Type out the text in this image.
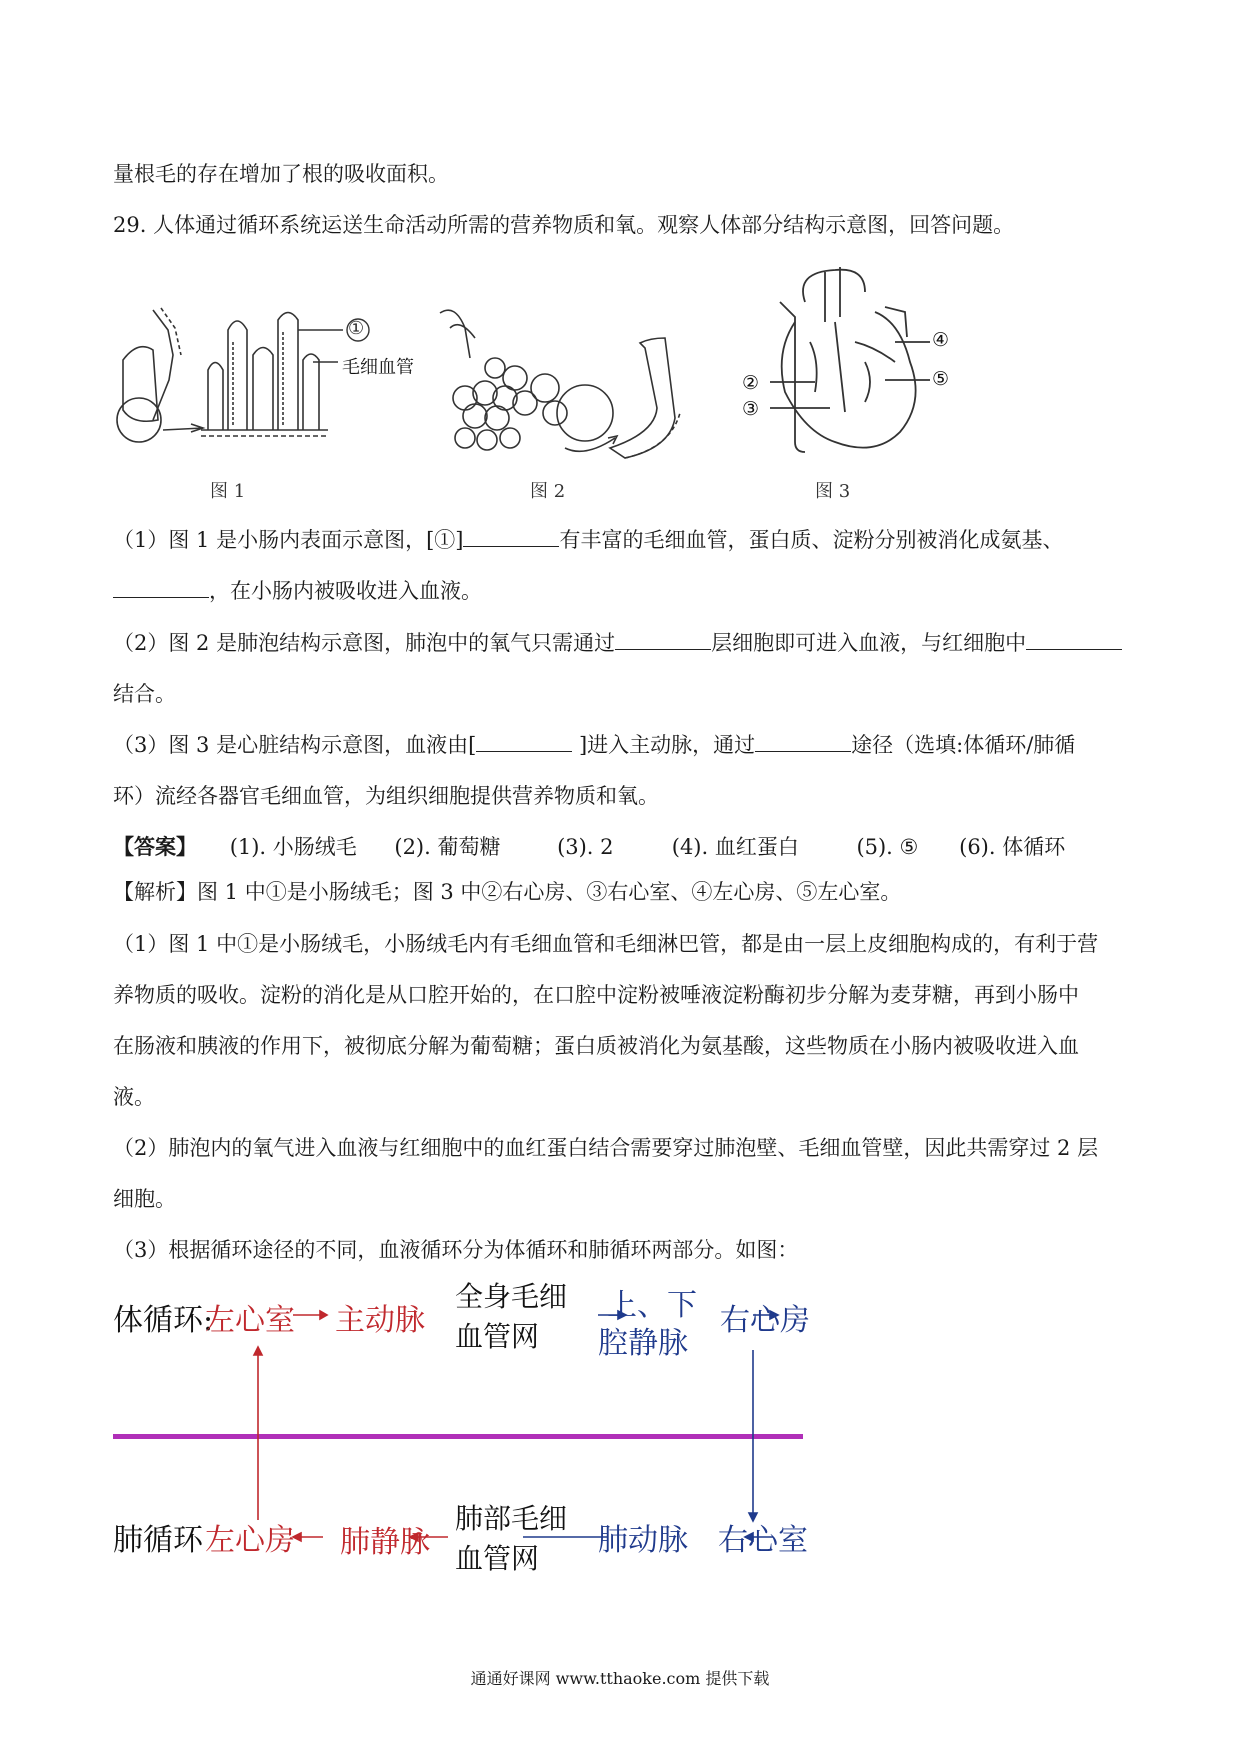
量根毛的存在增加了根的吸收面积。
29. 人体通过循环系统运送生命活动所需的营养物质和氧。观察人体部分结构示意图，回答问题。
①
毛细血管
图 1	图 2
②
③
④
⑤
图 3
（1）图 1 是小肠内表面示意图，[①]	有丰富的毛细血管，蛋白质、淀粉分别被消化成氨基、
，在小肠内被吸收进入血液。
（2）图 2 是肺泡结构示意图，肺泡中的氧气只需通过	层细胞即可进入血液，与红细胞中
结合。
（3）图 3 是心脏结构示意图，血液由[	]进入主动脉，通过	途径（选填:体循环/肺循
环）流经各器官毛细血管，为组织细胞提供营养物质和氧。
【答案】 (1). 小肠绒毛 (2). 葡萄糖	(3). 2	(4). 血红蛋白	(5). ⑤ (6). 体循环
【解析】图 1 中①是小肠绒毛；图 3 中②右心房、③右心室、④左心房、⑤左心室。
（1）图 1 中①是小肠绒毛，小肠绒毛内有毛细血管和毛细淋巴管，都是由一层上皮细胞构成的，有利于营
养物质的吸收。淀粉的消化是从口腔开始的，在口腔中淀粉被唾液淀粉酶初步分解为麦芽糖，再到小肠中
在肠液和胰液的作用下，被彻底分解为葡萄糖；蛋白质被消化为氨基酸，这些物质在小肠内被吸收进入血
液。
（2）肺泡内的氧气进入血液与红细胞中的血红蛋白结合需要穿过肺泡壁、毛细血管壁，因此共需穿过 2 层
细胞。
（3）根据循环途径的不同，血液循环分为体循环和肺循环两部分。如图：
体循环:
左心室 主动脉
全身毛细
血管网
上、下
腔静脉
右心房
肺循环 左心房 肺静脉
肺部毛细
血管网
肺动脉 右心室
通通好课网 www.tthaoke.com 提供下载
